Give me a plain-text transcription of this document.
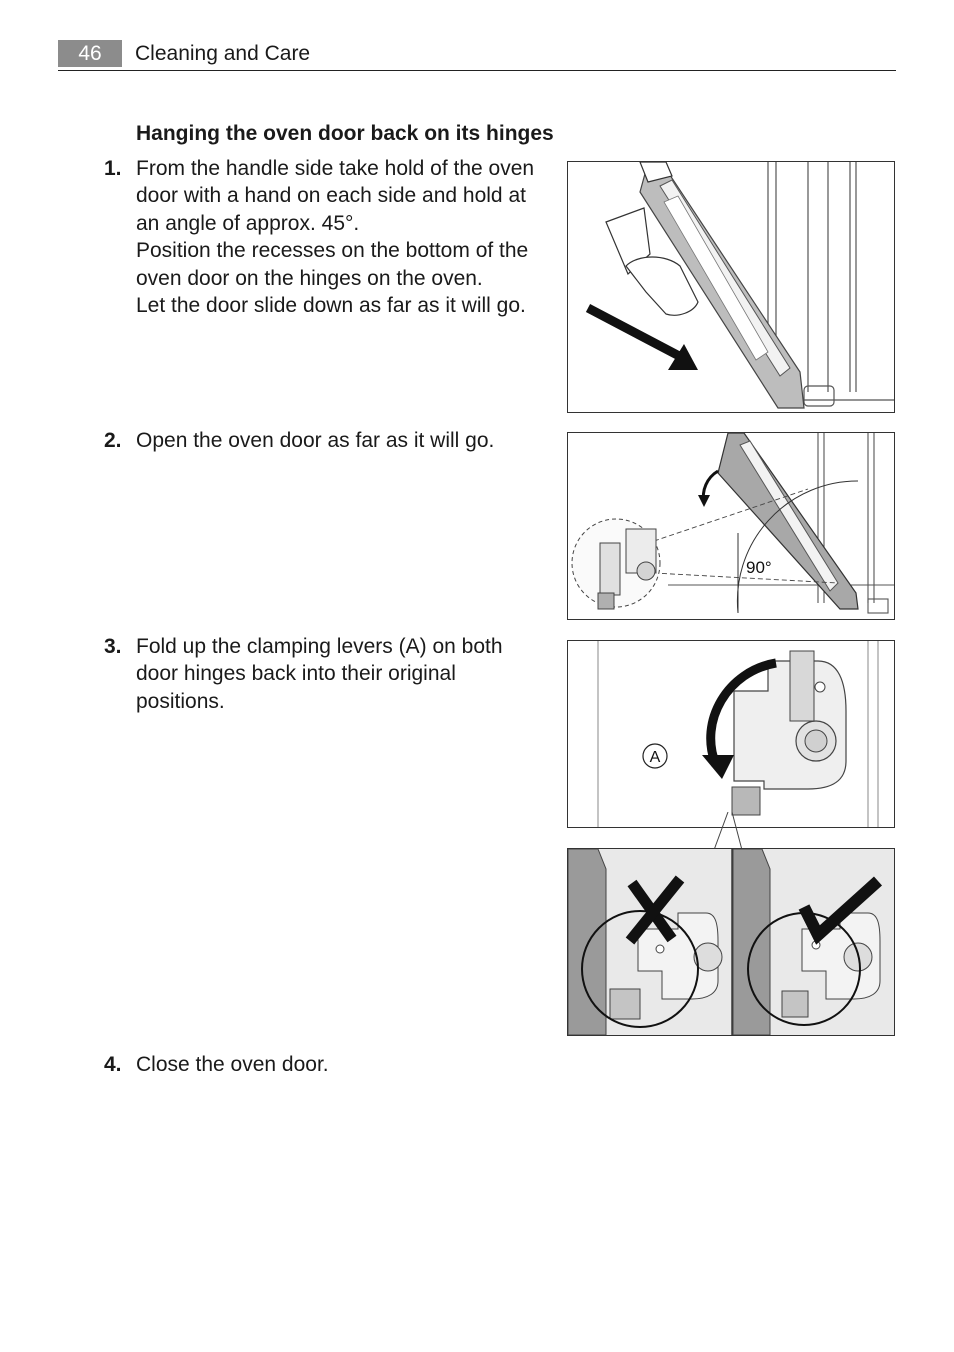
46	Cleaning and Care
Hanging the oven door back on its hinges
1. From the handle side take hold of the oven
door with a hand on each side and hold at
an angle of approx. 45°.
Position the recesses on the bottom of the
oven door on the hinges on the oven.
Let the door slide down as far as it will go.
2. Open the oven door as far as it will go.
3. Fold up the clamping levers (A) on both
door hinges back into their original
positions.
4. Close the oven door.
90°
A
